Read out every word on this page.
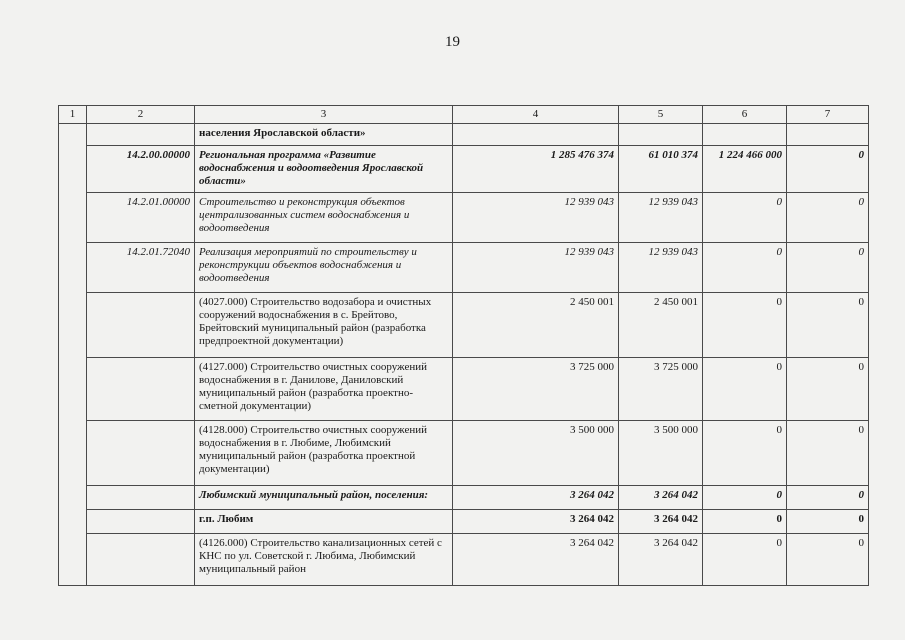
19
1	2	3	4	5	6	7
		населения Ярославской области»				
	14.2.00.00000	Региональная программа «Развитие водоснабжения и водоотведения Ярославской области»	1 285 476 374	61 010 374	1 224 466 000	0
	14.2.01.00000	Строительство и реконструкция объектов централизованных систем водоснабжения и водоотведения	12 939 043	12 939 043	0	0
	14.2.01.72040	Реализация мероприятий по строительству и реконструкции объектов водоснабжения и водоотведения	12 939 043	12 939 043	0	0
		(4027.000) Строительство водозабора и очистных сооружений водоснабжения в с. Брейтово, Брейтовский муниципальный район (разработка предпроектной документации)	2 450 001	2 450 001	0	0
		(4127.000) Строительство очистных сооружений водоснабжения в г. Данилове, Даниловский муниципальный район (разработка проектно-сметной документации)	3 725 000	3 725 000	0	0
		(4128.000) Строительство очистных сооружений водоснабжения в г. Любиме, Любимский муниципальный район (разработка проектной документации)	3 500 000	3 500 000	0	0
		Любимский муниципальный район, поселения:	3 264 042	3 264 042	0	0
		г.п. Любим	3 264 042	3 264 042	0	0
		(4126.000) Строительство канализационных сетей с КНС по ул. Советской г. Любима, Любимский муниципальный район	3 264 042	3 264 042	0	0
